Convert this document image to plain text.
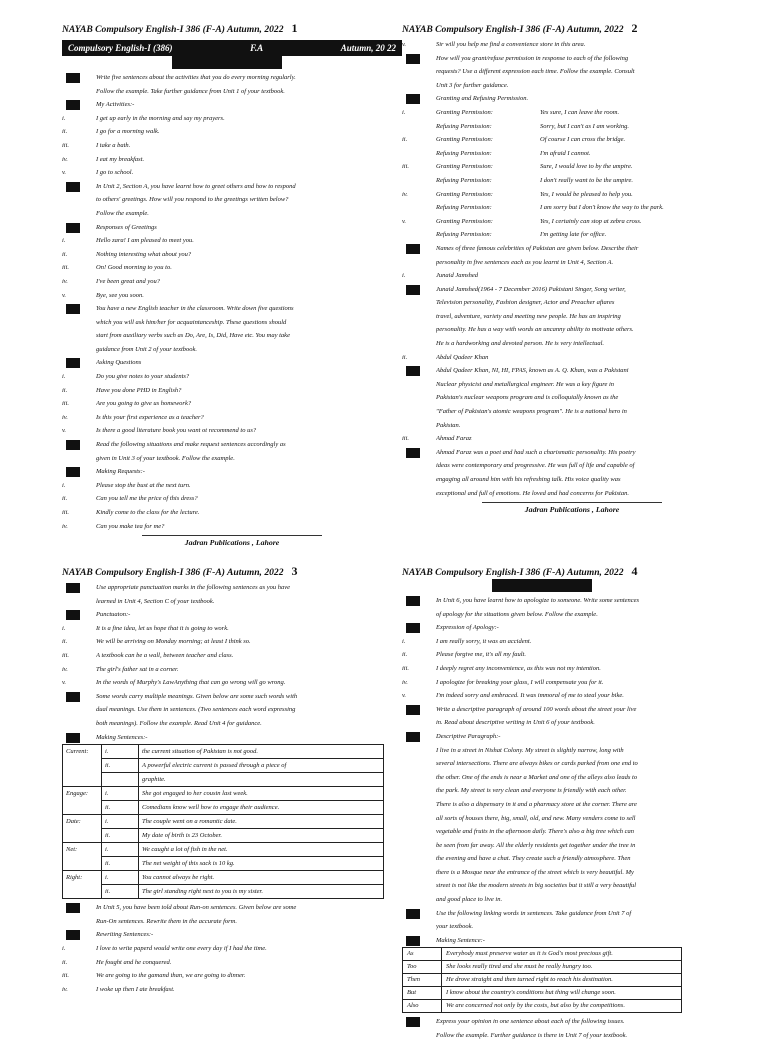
NAYAB Compulsory English-I 386 (F-A) Autumn, 2022 1
Compulsory English-I (386)	F.A	Autumn, 20 22
Write five sentences about the activities that you do every morning regularly.
Follow the example. Take further guidance from Unit 1 of your textbook.
My Activities:-
i.	I get up early in the morning and say my prayers.
ii.	I go for a morning walk.
iii.	I take a bath.
iv.	I eat my breakfast.
v.	I go to school.
In Unit 2, Section A, you have learnt how to greet others and how to respond
to others' greetings. How will you respond to the greetings written below?
Follow the example.
Responses of Greetings
i.	Hello zara! I am pleased to meet you.
ii.	Nothing interesting what about you?
iii.	On! Good morning to you to.
iv.	I've been great and you?
v.	Bye, see you soon.
You have a new English teacher in the classroom. Write down five questions
which you will ask him/her for acquaintanceship. These questions should
start from auxiliary verbs such as Do, Are, Is, Did, Have etc. You may take
guidance from Unit 2 of your textbook.
Asking Questions
i.	Do you give notes to your students?
ii.	Have you done PHD in English?
iii.	Are you going to give us homework?
iv.	Is this your first experience as a teacher?
v.	Is there a good literature book you want ot recommend to us?
Read the following situations and make request sentences accordingly as
given in Unit 3 of your textbook. Follow the example.
Making Requests:-
i.	Please stop the bust at the next turn.
ii.	Can you tell me the price of this dress?
iii.	Kindly come to the class for the lecture.
iv.	Can you make tea for me?
Jadran Publications , Lahore
NAYAB Compulsory English-I 386 (F-A) Autumn, 2022 2
v.	Sir will you help me find a convenience store in this area.
How will you grant/refuse permission in response to each of the following
requests? Use a different expression each time. Follow the example. Consult
Unit 3 for further guidance.
Granting and Refusing Permission.
i.	Granting Permission:	Yes sure, I can leave the room.
Refusing Permission:	Sorry, but I can't as I am working.
ii.	Granting Permission:	Of course I can cross the bridge.
Refusing Permission:	I'm afraid I cannot.
iii.	Granting Permission:	Sure, I would love to by the umpire.
Refusing Permission:	I don't really want to be the umpire.
iv.	Granting Permission:	Yes, I would be pleased to help you.
Refusing Permission:	I am sorry but I don't know the way to the park.
v.	Granting Permission:	Yes, I certainly can stop at zebra cross.
Refusing Permission:	I'm getting late for office.
Names of three famous celebrities of Pakistan are given below. Describe their
personality in five sentences each as you learnt in Unit 4, Section A.
i.	Junaid Jamshed
Junaid Jamshed(1964 - 7 December 2016) Pakistani Singer, Song writer,
Television personality, Fashion designer, Actor and Preacher aftares
travel, adventure, variety and meeting new people. He has an inspiring
personality. He has a way with words an uncanny ability to motivate others.
He is a hardworking and devoted person. He is very intellectual.
ii.	Abdul Qadeer Khan
Abdul Qadeer Khan, NI, HI, FPAS, known as A. Q. Khan, was a Pakistani
Nuclear physicist and metallurgical engineer. He was a key figure in
Pakistan's nuclear weapons program and is colloquially known as the
"Father of Pakistan's atomic weapons program". He is a national hero in
Pakistan.
iii.	Ahmad Faraz
Ahmad Faraz was a poet and had such a charismatic personality. His poetry
ideas were contemporary and progressive. He was full of life and capable of
engaging all around him with his refreshing talk. His voice quality was
exceptional and full of emotions. He loved and had concerns for Pakistan.
Jadran Publications , Lahore
NAYAB Compulsory English-I 386 (F-A) Autumn, 2022 3
Use appropriate punctuation marks in the following sentences as you have
learned in Unit 4, Section C of your textbook.
Punctuaton:-
i.	It is a fine idea, let us hope that it is going to work.
ii.	We will be arriving on Monday morning; at least I think so.
iii.	A textbook can be a wall, between teacher and class.
iv.	The girl's father sat in a corner.
v.	In the words of Murphy's LawAnything that can go wrong will go wrong.
Some words carry multiple meanings. Given below are some such words with
dual meanings. Use them in sentences. (Two sentences each word expressing
both meanings). Follow the example. Read Unit 4 for guidance.
Making Sentences:-
Current:	i.	the current situation of Pakistan is not good.
	ii.	A powerful electric current is passed through a piece of
		graphite.
Engage:	i.	She got engaged to her cousin last week.
	ii.	Comedians know well how to engage their audience.
Date:	i.	The couple went on a romantic date.
	ii.	My date of birth is 23 October.
Net:	i.	We caught a lot of fish in the net.
	ii.	The net weight of this sack is 10 kg.
Right:	i.	You cannot always be right.
	ii.	The girl standing right next to you is my sister.
In Unit 5, you have been told about Run-on sentences. Given below are some
Run-On sentences. Rewrite them in the accurate form.
Rewriting Sentences:-
i.	I love to write paperd would write one every day if I had the time.
ii.	He fought and he conquered.
iii.	We are going to the gamand than, we are going to dinner.
iv.	I woke up then I ate breakfast.
NAYAB Compulsory English-I 386 (F-A) Autumn, 2022 4
In Unit 6, you have learnt how to apologize to someone. Write some sentences
of apology for the situations given below. Follow the example.
Expression of Apology:-
i.	I am really sorry, it was an accident.
ii.	Please forgive me, it's all my fault.
iii.	I deeply regret any inconvenience, as this was not my intention.
iv.	I apologize for breaking your glass, I will compensate you for it.
v.	I'm indeed sorry and embraced. It was immoral of me to steal your bike.
Write a descriptive paragraph of around 100 words about the street your live
in. Read about descriptive writing in Unit 6 of your textbook.
Descriptive Paragraph:-
I live in a street in Nishat Colony. My street is slightly narrow, long with
several intersections. There are always bikes or cards parked from one end to
the other. One of the ends is near a Market and one of the alleys also leads to
the park. My street is very clean and everyone is friendly with each other.
There is also a dispensary in it and a pharmacy store at the corner. There are
all sorts of houses there, big, small, old, and new. Many venders come to sell
vegetable and fruits in the afternoon daily. There's also a big tree which can
be seen from far away. All the elderly residents get together under the tree in
the evening and have a chat. They create such a friendly atmosphere. Then
there is a Mosque near the entrance of the street which is very beautiful. My
street is not like the modern streets in big societies but it still a very beautiful
and good place to live in.
Use the following linking words in sentences. Take guidance from Unit 7 of
your textbook.
Making Sentence:-
As	Everybody must preserve water as it is God's most precious gift.
Too	She looks really tired and she must be really hungry too.
Then	He drove straight and then turned right to reach his destination.
But	I know about the country's conditions but thing will change soon.
Also	We are concerned not only by the costs, but also by the competitions.
Express your opinion in one sentence about each of the following issues.
Follow the example. Further guidance is there in Unit 7 of your textbook.
